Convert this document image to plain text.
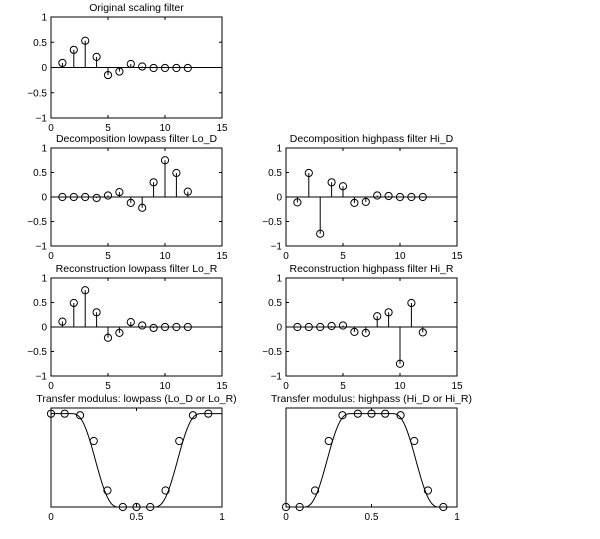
Original scaling filter
0	5	10	15
1
0.5
0
−0.5
−1
Decomposition lowpass filter Lo_D
0	5	10	15
1
0.5
0
−0.5
−1
Decomposition highpass filter Hi_D
0	5	10	15
1
0.5
0
−0.5
−1
Reconstruction lowpass filter Lo_R
0	5	10	15
1
0.5
0
−0.5
−1
Reconstruction highpass filter Hi_R
0	5	10	15
1
0.5
0
−0.5
−1
Transfer modulus: lowpass (Lo_D or Lo_R)
0	0.5	1
Transfer modulus: highpass (Hi_D or Hi_R)
0	0.5	1
